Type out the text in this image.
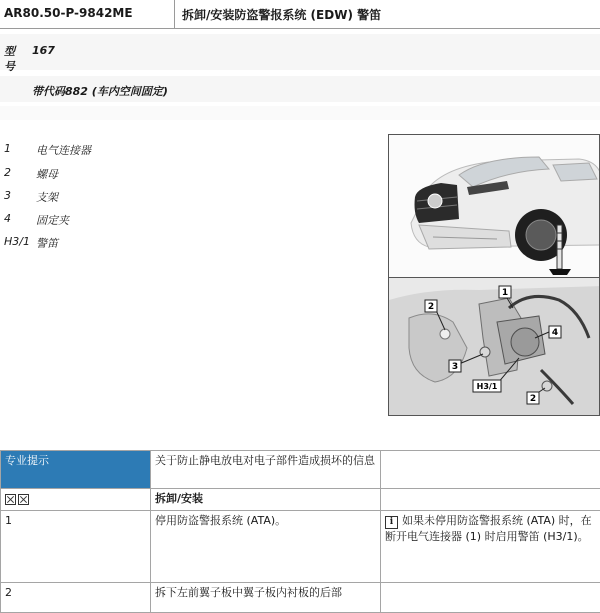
AR80.50-P-9842ME	拆卸/安装防盗警报系统 (EDW) 警笛
型号
167
带代码882 (车内空间固定)
1	电气连接器
2	螺母
3	支架
4	固定夹
H3/1 警笛
2
1
3
4
H3/1
2
专业提示	关于防止静电放电对电子部件造成损坏的信息	
	拆卸/安装	
1	停用防盗警报系统 (ATA)。	i 如果未停用防盗警报系统 (ATA) 时，在断开电气连接器 (1) 时启用警笛 (H3/1)。
2	拆下左前翼子板中翼子板内衬板的后部	
